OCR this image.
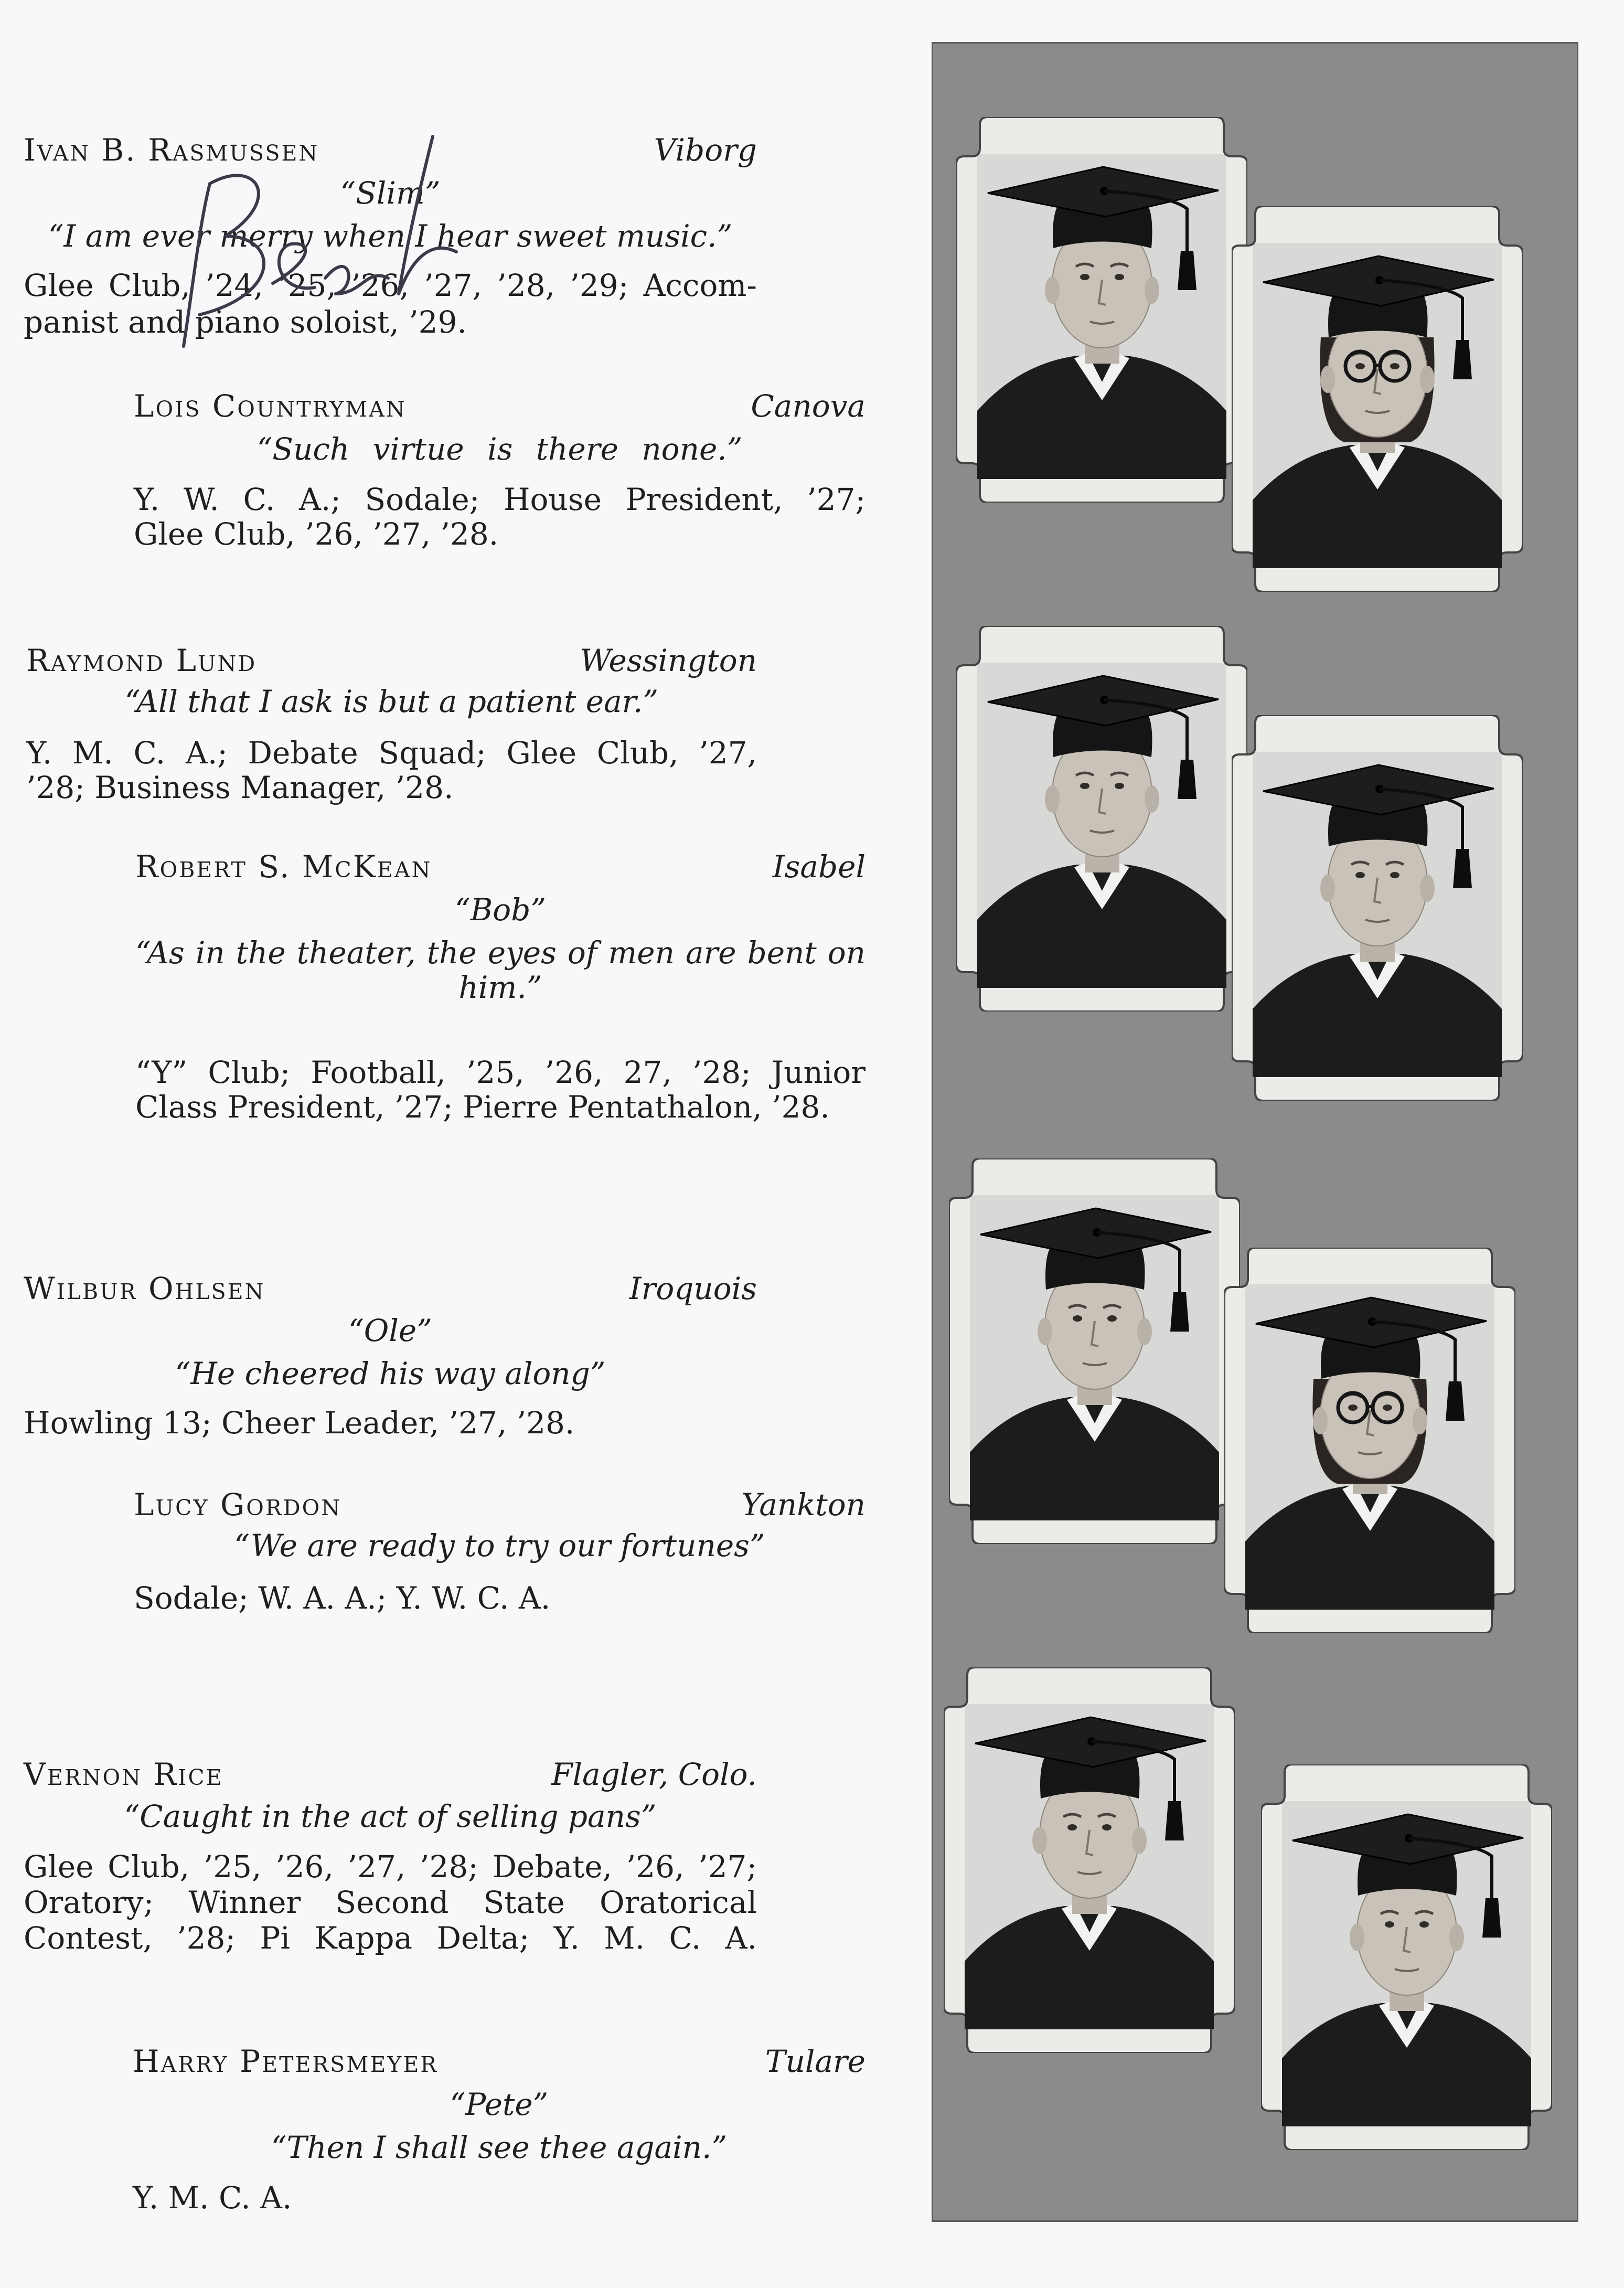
Ivan B. Rasmussen	Viborg
“Slim”
“I am ever merry when I hear sweet music.”
Glee Club, ’24, ’25, ’26, ’27, ’28, ’29; Accom-
panist and piano soloist, ’29.
Lois Countryman	Canova
“Such virtue is there none.”
Y. W. C. A.; Sodale; House President, ’27;
Glee Club, ’26, ’27, ’28.
Raymond Lund	Wessington
“All that I ask is but a patient ear.”
Y. M. C. A.; Debate Squad; Glee Club, ’27,
’28; Business Manager, ’28.
Robert S. McKean	Isabel
“Bob”
“As in the theater, the eyes of men are bent on
him.”
“Y” Club; Football, ’25, ’26, 27, ’28; Junior
Class President, ’27; Pierre Pentathalon, ’28.
Wilbur Ohlsen	Iroquois
“Ole”
“He cheered his way along”
Howling 13; Cheer Leader, ’27, ’28.
Lucy Gordon	Yankton
“We are ready to try our fortunes”
Sodale; W. A. A.; Y. W. C. A.
Vernon Rice	Flagler, Colo.
“Caught in the act of selling pans”
Glee Club, ’25, ’26, ’27, ’28; Debate, ’26, ’27;
Oratory; Winner Second State Oratorical
Contest, ’28; Pi Kappa Delta; Y. M. C. A.
Harry Petersmeyer	Tulare
“Pete”
“Then I shall see thee again.”
Y. M. C. A.
